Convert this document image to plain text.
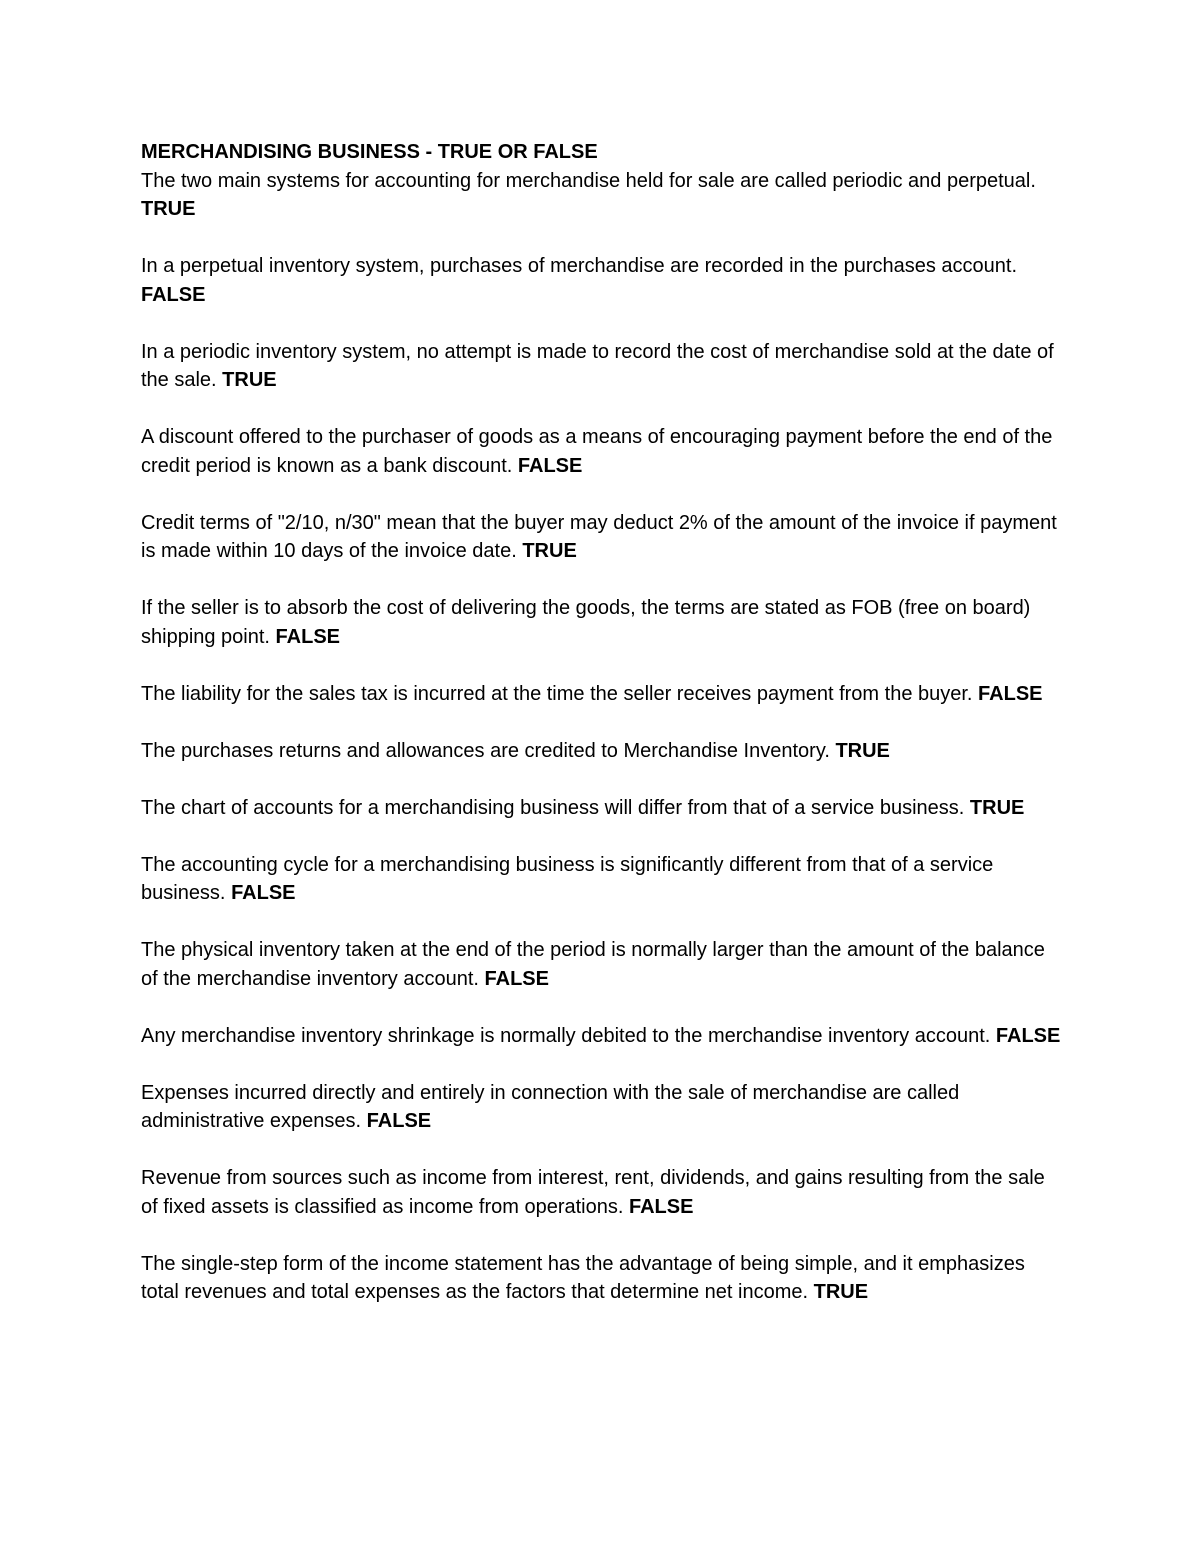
MERCHANDISING BUSINESS - TRUE OR FALSE
The two main systems for accounting for merchandise held for sale are called periodic and perpetual. TRUE
In a perpetual inventory system, purchases of merchandise are recorded in the purchases account. FALSE
In a periodic inventory system, no attempt is made to record the cost of merchandise sold at the date of the sale. TRUE
A discount offered to the purchaser of goods as a means of encouraging payment before the end of the credit period is known as a bank discount. FALSE
Credit terms of "2/10, n/30" mean that the buyer may deduct 2% of the amount of the invoice if payment is made within 10 days of the invoice date. TRUE
If the seller is to absorb the cost of delivering the goods, the terms are stated as FOB (free on board) shipping point. FALSE
The liability for the sales tax is incurred at the time the seller receives payment from the buyer. FALSE
The purchases returns and allowances are credited to Merchandise Inventory. TRUE
The chart of accounts for a merchandising business will differ from that of a service business. TRUE
The accounting cycle for a merchandising business is significantly different from that of a service business. FALSE
The physical inventory taken at the end of the period is normally larger than the amount of the balance of the merchandise inventory account. FALSE
Any merchandise inventory shrinkage is normally debited to the merchandise inventory account. FALSE
Expenses incurred directly and entirely in connection with the sale of merchandise are called administrative expenses. FALSE
Revenue from sources such as income from interest, rent, dividends, and gains resulting from the sale of fixed assets is classified as income from operations. FALSE
The single-step form of the income statement has the advantage of being simple, and it emphasizes total revenues and total expenses as the factors that determine net income. TRUE
